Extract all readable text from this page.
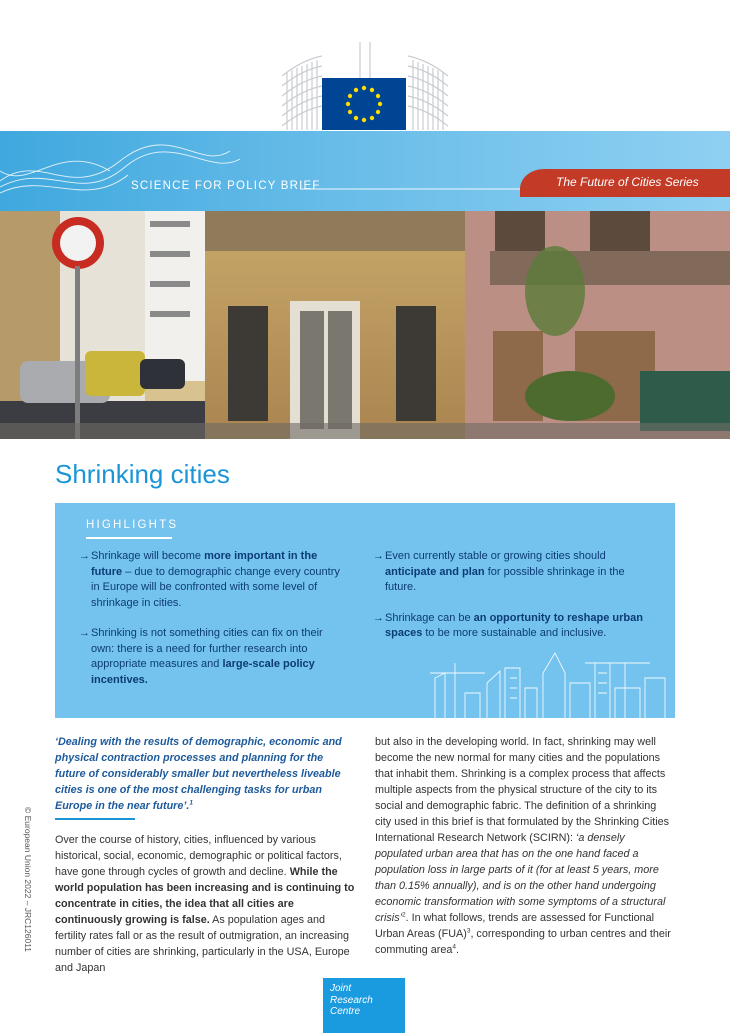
SCIENCE FOR POLICY BRIEF	The Future of Cities Series
Shrinking cities
HIGHLIGHTS
→ Shrinkage will become more important in the future – due to demographic change every country in Europe will be confronted with some level of shrinkage in cities.
→ Shrinking is not something cities can fix on their own: there is a need for further research into appropriate measures and large-scale policy incentives.
→ Even currently stable or growing cities should anticipate and plan for possible shrinkage in the future.
→ Shrinkage can be an opportunity to reshape urban spaces to be more sustainable and inclusive.

‘Dealing with the results of demographic, economic and physical contraction processes and planning for the future of considerably smaller but nevertheless liveable cities is one of the most challenging tasks for urban Europe in the near future’.$^1$

Over the course of history, cities, influenced by various historical, social, economic, demographic or political factors, have gone through cycles of growth and decline. While the world population has been increasing and is continuing to concentrate in cities, the idea that all cities are continuously growing is false. As population ages and fertility rates fall or as the result of outmigration, an increasing number of cities are shrinking, particularly in the USA, Europe and Japan

but also in the developing world. In fact, shrinking may well become the new normal for many cities and the populations that inhabit them. Shrinking is a complex process that affects multiple aspects from the physical structure of the city to its social and demographic fabric. The definition of a shrinking city used in this brief is that formulated by the Shrinking Cities International Research Network (SCIRN): ‘a densely populated urban area that has on the one hand faced a population loss in large parts of it (for at least 5 years, more than 0.15% annually), and is on the other hand undergoing economic transformation with some symptoms of a structural crisis’$^2$. In what follows, trends are assessed for Functional Urban Areas (FUA)$^3$, corresponding to urban centres and their commuting area$^4$.

© European Union 2022 – JRC126011
Joint
Research
Centre
